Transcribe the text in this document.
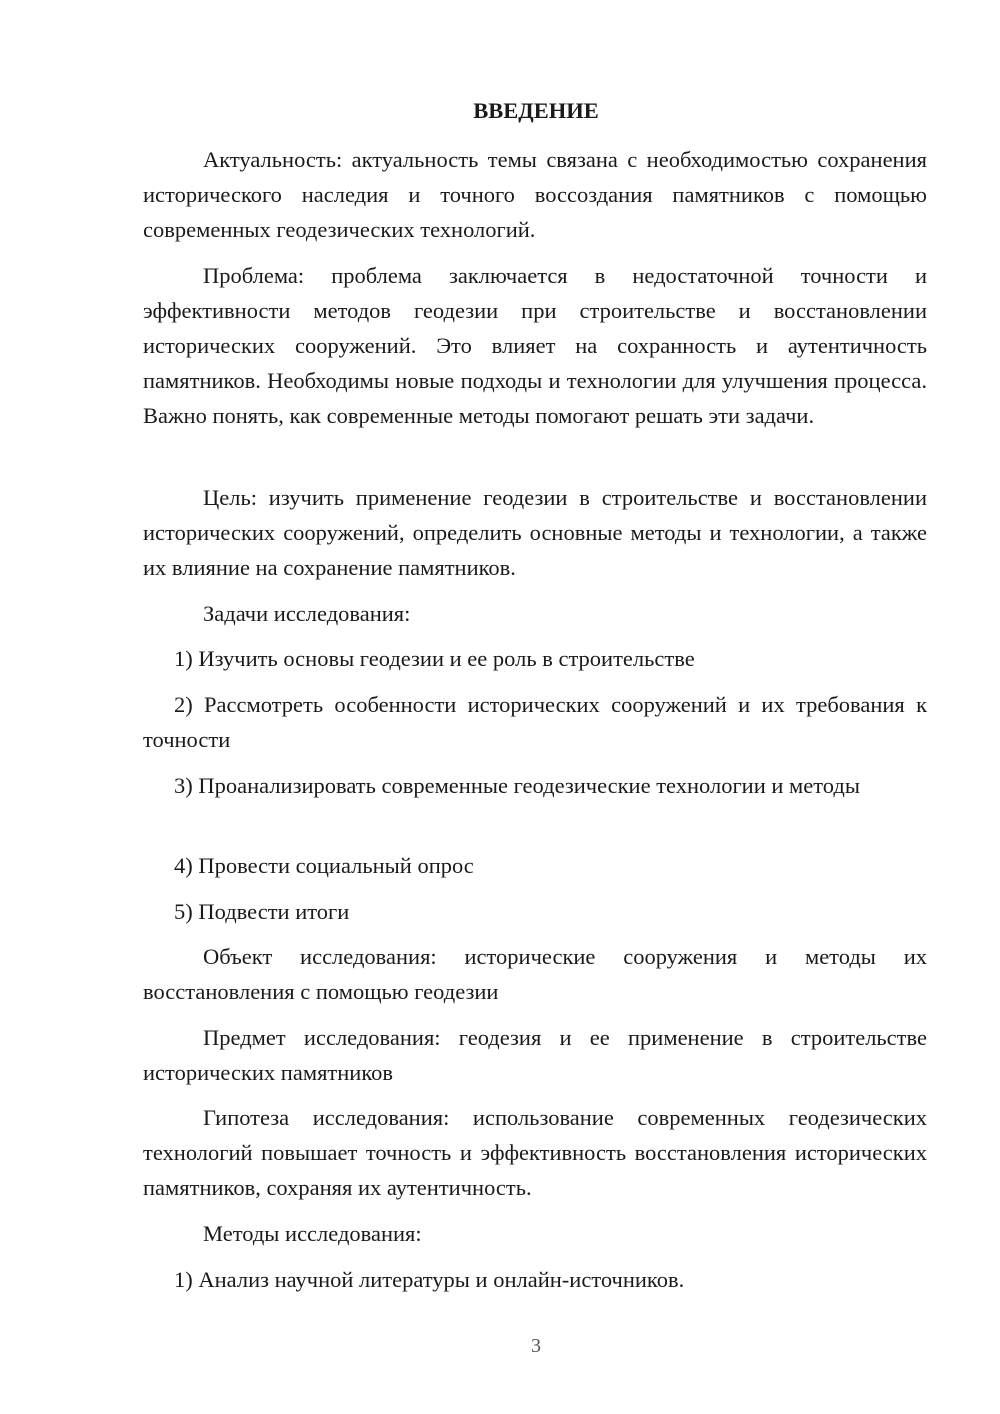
ВВЕДЕНИЕ

Актуальность: актуальность темы связана с необходимостью сохранения исторического наследия и точного воссоздания памятников с помощью современных геодезических технологий.

Проблема: проблема заключается в недостаточной точности и эффективности методов геодезии при строительстве и восстановлении исторических сооружений. Это влияет на сохранность и аутентичность памятников. Необходимы новые подходы и технологии для улучшения процесса. Важно понять, как современные методы помогают решать эти задачи.

Цель: изучить применение геодезии в строительстве и восстановлении исторических сооружений, определить основные методы и технологии, а также их влияние на сохранение памятников.

Задачи исследования:

1) Изучить основы геодезии и ее роль в строительстве

2) Рассмотреть особенности исторических сооружений и их требования к точности

3) Проанализировать современные геодезические технологии и методы

4) Провести социальный опрос

5) Подвести итоги

Объект исследования: исторические сооружения и методы их восстановления с помощью геодезии

Предмет исследования: геодезия и ее применение в строительстве исторических памятников

Гипотеза исследования: использование современных геодезических технологий повышает точность и эффективность восстановления исторических памятников, сохраняя их аутентичность.

Методы исследования:

1) Анализ научной литературы и онлайн-источников.

3
